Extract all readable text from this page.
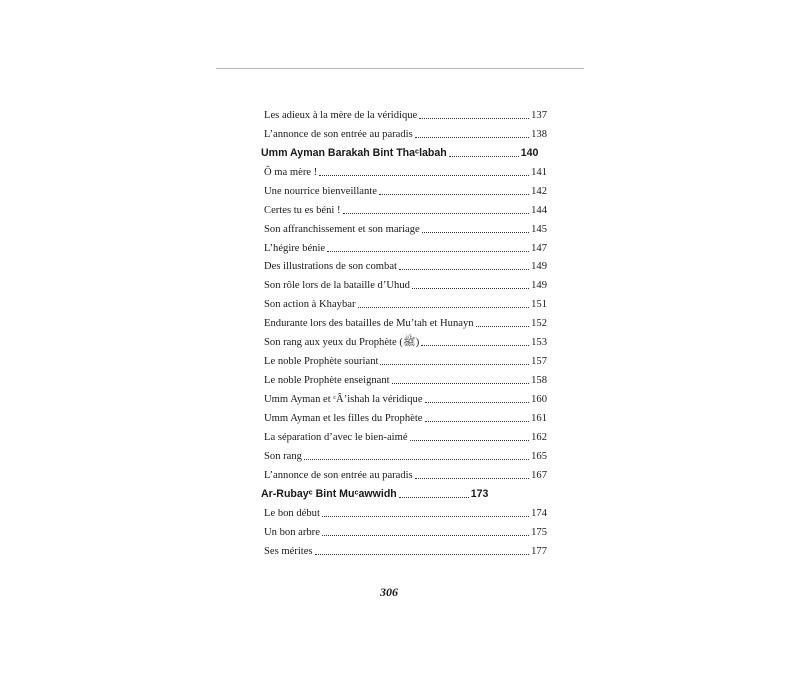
Les adieux à la mère de la véridique	137
L’annonce de son entrée au paradis	138
Umm Ayman Barakah Bint Thaᶜlabah	140
Ô ma mère !	141
Une nourrice bienveillante	142
Certes tu es béni !	144
Son affranchissement et son mariage	145
L’hégire bénie	147
Des illustrations de son combat	149
Son rôle lors de la bataille d’Uhud	149
Son action à Khaybar	151
Endurante lors des batailles de Mu’tah et Hunayn	152
Son rang aux yeux du Prophète (ﷺ)	153
Le noble Prophète souriant	157
Le noble Prophète enseignant	158
Umm Ayman et ᶜÂ’ishah la véridique	160
Umm Ayman et les filles du Prophète	161
La séparation d’avec le bien-aimé	162
Son rang	165
L’annonce de son entrée au paradis	167
Ar-Rubayᶜ Bint Muᶜawwidh	173
Le bon début	174
Un bon arbre	175
Ses mérites	177
306
